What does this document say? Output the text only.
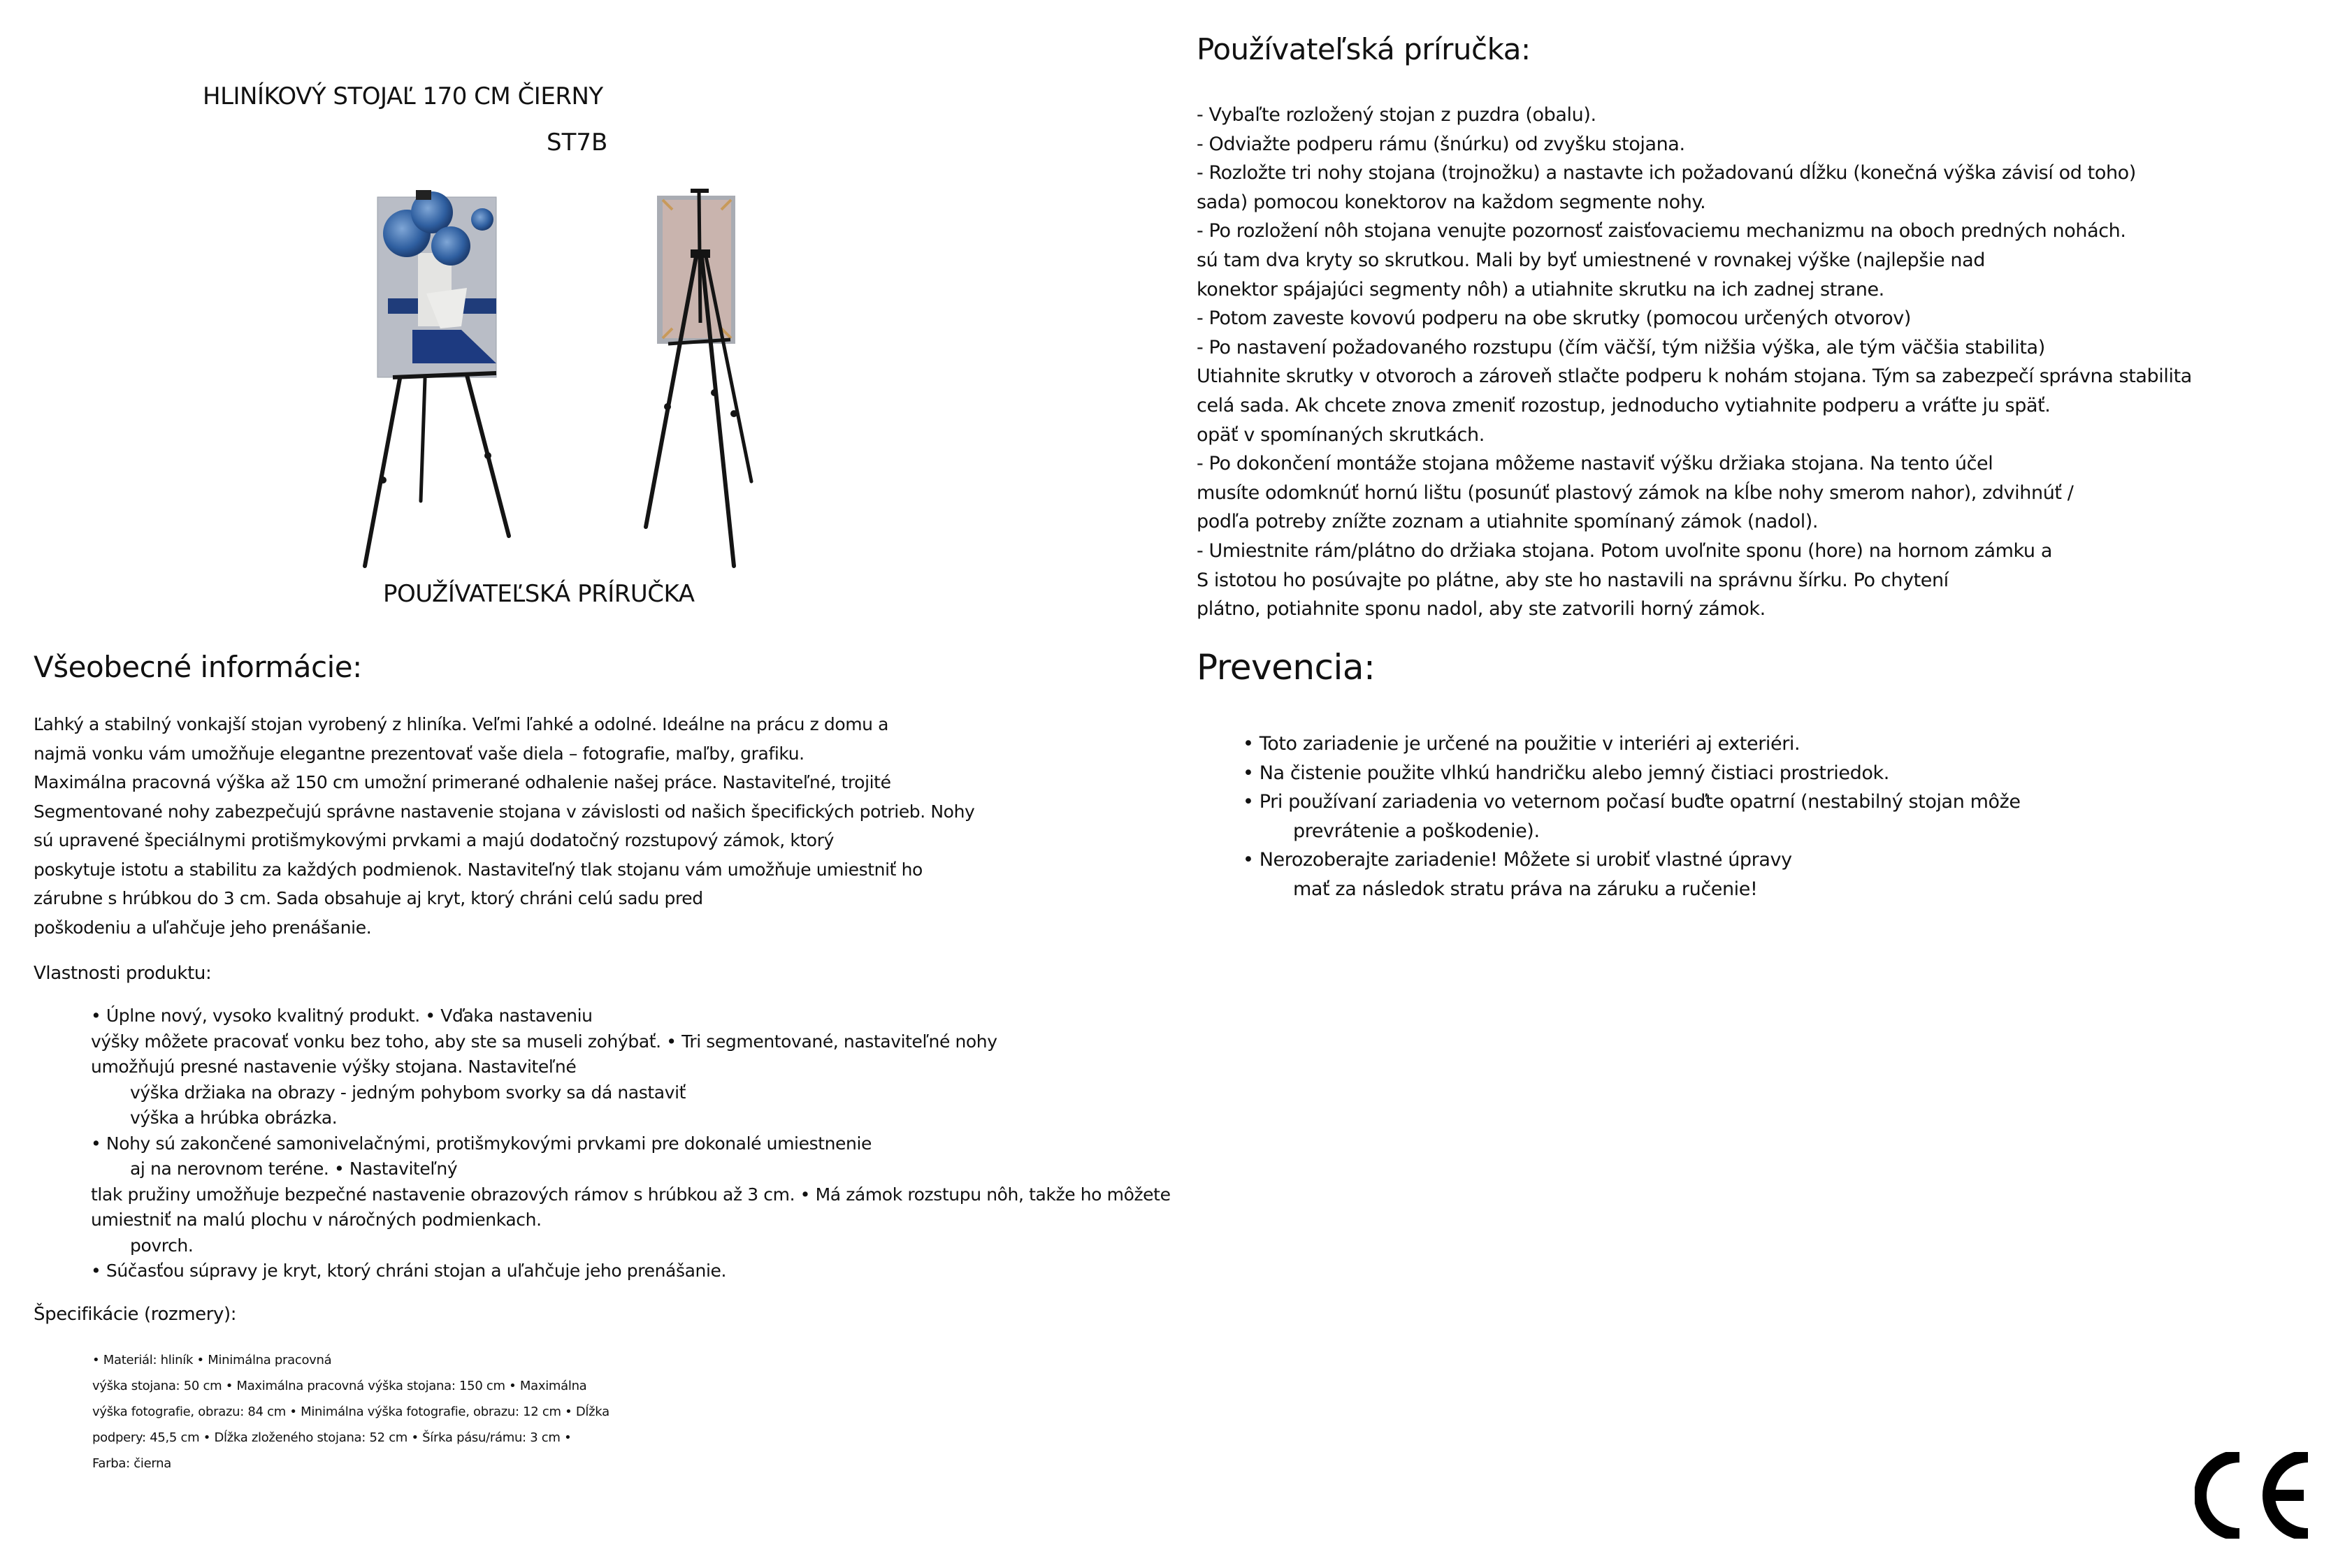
HLINÍKOVÝ STOJAĽ 170 CM ČIERNY
ST7B
POUŽÍVATEĽSKÁ PRÍRUČKA
Všeobecné informácie:
Ľahký a stabilný vonkajší stojan vyrobený z hliníka. Veľmi ľahké a odolné. Ideálne na prácu z domu a
najmä vonku vám umožňuje elegantne prezentovať vaše diela – fotografie, maľby, grafiku.
Maximálna pracovná výška až 150 cm umožní primerané odhalenie našej práce. Nastaviteľné, trojité
Segmentované nohy zabezpečujú správne nastavenie stojana v závislosti od našich špecifických potrieb. Nohy
sú upravené špeciálnymi protišmykovými prvkami a majú dodatočný rozstupový zámok, ktorý
poskytuje istotu a stabilitu za každých podmienok. Nastaviteľný tlak stojanu vám umožňuje umiestniť ho
zárubne s hrúbkou do 3 cm. Sada obsahuje aj kryt, ktorý chráni celú sadu pred
poškodeniu a uľahčuje jeho prenášanie.
Vlastnosti produktu:
• Úplne nový, vysoko kvalitný produkt. • Vďaka nastaveniu
výšky môžete pracovať vonku bez toho, aby ste sa museli zohýbať. • Tri segmentované, nastaviteľné nohy
umožňujú presné nastavenie výšky stojana. Nastaviteľné
výška držiaka na obrazy - jedným pohybom svorky sa dá nastaviť
výška a hrúbka obrázka.
• Nohy sú zakončené samonivelačnými, protišmykovými prvkami pre dokonalé umiestnenie
aj na nerovnom teréne. • Nastaviteľný
tlak pružiny umožňuje bezpečné nastavenie obrazových rámov s hrúbkou až 3 cm. • Má zámok rozstupu nôh, takže ho môžete
umiestniť na malú plochu v náročných podmienkach.
povrch.
• Súčasťou súpravy je kryt, ktorý chráni stojan a uľahčuje jeho prenášanie.
Špecifikácie (rozmery):
• Materiál: hliník • Minimálna pracovná
výška stojana: 50 cm • Maximálna pracovná výška stojana: 150 cm • Maximálna
výška fotografie, obrazu: 84 cm • Minimálna výška fotografie, obrazu: 12 cm • Dĺžka
podpery: 45,5 cm • Dĺžka zloženého stojana: 52 cm • Šírka pásu/rámu: 3 cm •
Farba: čierna
Používateľská príručka:
- Vybaľte rozložený stojan z puzdra (obalu).
- Odviažte podperu rámu (šnúrku) od zvyšku stojana.
- Rozložte tri nohy stojana (trojnožku) a nastavte ich požadovanú dĺžku (konečná výška závisí od toho)
sada) pomocou konektorov na každom segmente nohy.
- Po rozložení nôh stojana venujte pozornosť zaisťovaciemu mechanizmu na oboch predných nohách.
sú tam dva kryty so skrutkou. Mali by byť umiestnené v rovnakej výške (najlepšie nad
konektor spájajúci segmenty nôh) a utiahnite skrutku na ich zadnej strane.
- Potom zaveste kovovú podperu na obe skrutky (pomocou určených otvorov)
- Po nastavení požadovaného rozstupu (čím väčší, tým nižšia výška, ale tým väčšia stabilita)
Utiahnite skrutky v otvoroch a zároveň stlačte podperu k nohám stojana. Tým sa zabezpečí správna stabilita
celá sada. Ak chcete znova zmeniť rozostup, jednoducho vytiahnite podperu a vráťte ju späť.
opäť v spomínaných skrutkách.
- Po dokončení montáže stojana môžeme nastaviť výšku držiaka stojana. Na tento účel
musíte odomknúť hornú lištu (posunúť plastový zámok na kĺbe nohy smerom nahor), zdvihnúť /
podľa potreby znížte zoznam a utiahnite spomínaný zámok (nadol).
- Umiestnite rám/plátno do držiaka stojana. Potom uvoľnite sponu (hore) na hornom zámku a
S istotou ho posúvajte po plátne, aby ste ho nastavili na správnu šírku. Po chytení
plátno, potiahnite sponu nadol, aby ste zatvorili horný zámok.
Prevencia:
• Toto zariadenie je určené na použitie v interiéri aj exteriéri.
• Na čistenie použite vlhkú handričku alebo jemný čistiaci prostriedok.
• Pri používaní zariadenia vo veternom počasí buďte opatrní (nestabilný stojan môže
prevrátenie a poškodenie).
• Nerozoberajte zariadenie! Môžete si urobiť vlastné úpravy
mať za následok stratu práva na záruku a ručenie!
